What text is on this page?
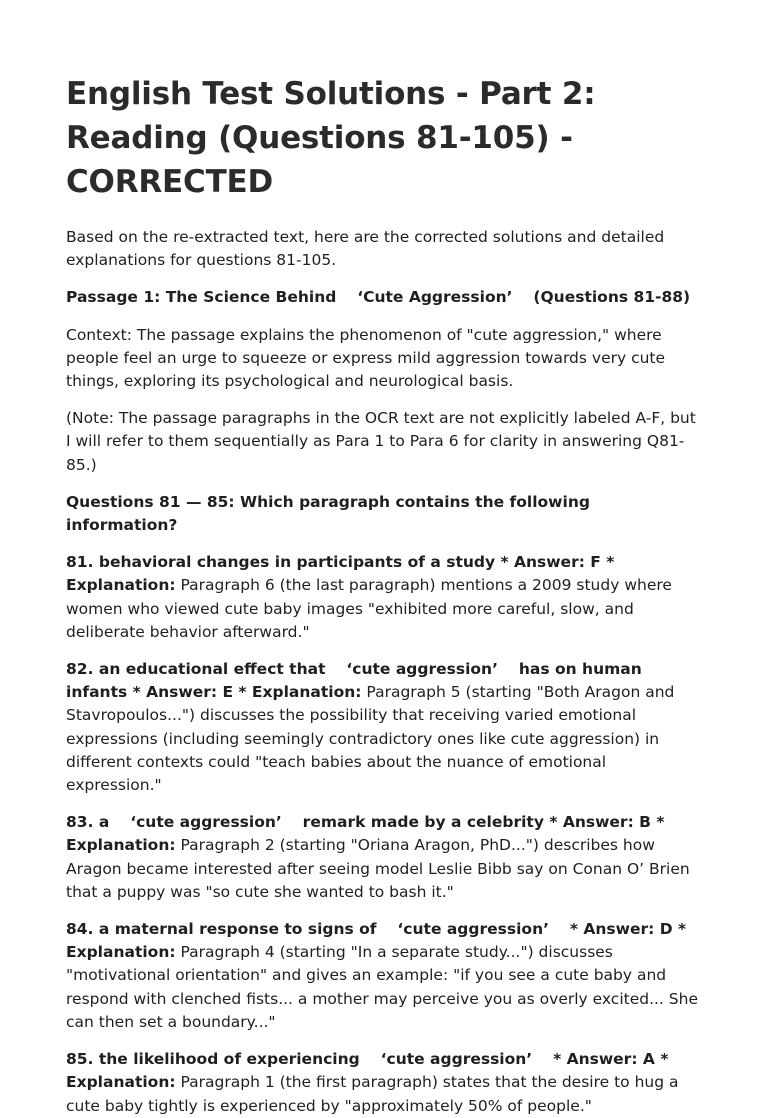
English Test Solutions - Part 2: Reading (Questions 81-105) - CORRECTED

Based on the re-extracted text, here are the corrected solutions and detailed explanations for questions 81-105.

Passage 1: The Science Behind 　‘Cute Aggression’　 (Questions 81-88)

Context: The passage explains the phenomenon of "cute aggression," where people feel an urge to squeeze or express mild aggression towards very cute things, exploring its psychological and neurological basis.

(Note: The passage paragraphs in the OCR text are not explicitly labeled A-F, but I will refer to them sequentially as Para 1 to Para 6 for clarity in answering Q81-85.)

Questions 81 — 85: Which paragraph contains the following information?

81. behavioral changes in participants of a study * Answer: F * Explanation: Paragraph 6 (the last paragraph) mentions a 2009 study where women who viewed cute baby images "exhibited more careful, slow, and deliberate behavior afterward."

82. an educational effect that 　‘cute aggression’　 has on human infants * Answer: E * Explanation: Paragraph 5 (starting "Both Aragon and Stavropoulos...") discusses the possibility that receiving varied emotional expressions (including seemingly contradictory ones like cute aggression) in different contexts could "teach babies about the nuance of emotional expression."

83. a 　‘cute aggression’　 remark made by a celebrity * Answer: B * Explanation: Paragraph 2 (starting "Oriana Aragon, PhD...") describes how Aragon became interested after seeing model Leslie Bibb say on Conan O’ Brien that a puppy was "so cute she wanted to bash it."

84. a maternal response to signs of 　‘cute aggression’　 * Answer: D * Explanation: Paragraph 4 (starting "In a separate study...") discusses "motivational orientation" and gives an example: "if you see a cute baby and respond with clenched fists... a mother may perceive you as overly excited... She can then set a boundary..."

85. the likelihood of experiencing 　‘cute aggression’　 * Answer: A * Explanation: Paragraph 1 (the first paragraph) states that the desire to hug a cute baby tightly is experienced by "approximately 50% of people."
